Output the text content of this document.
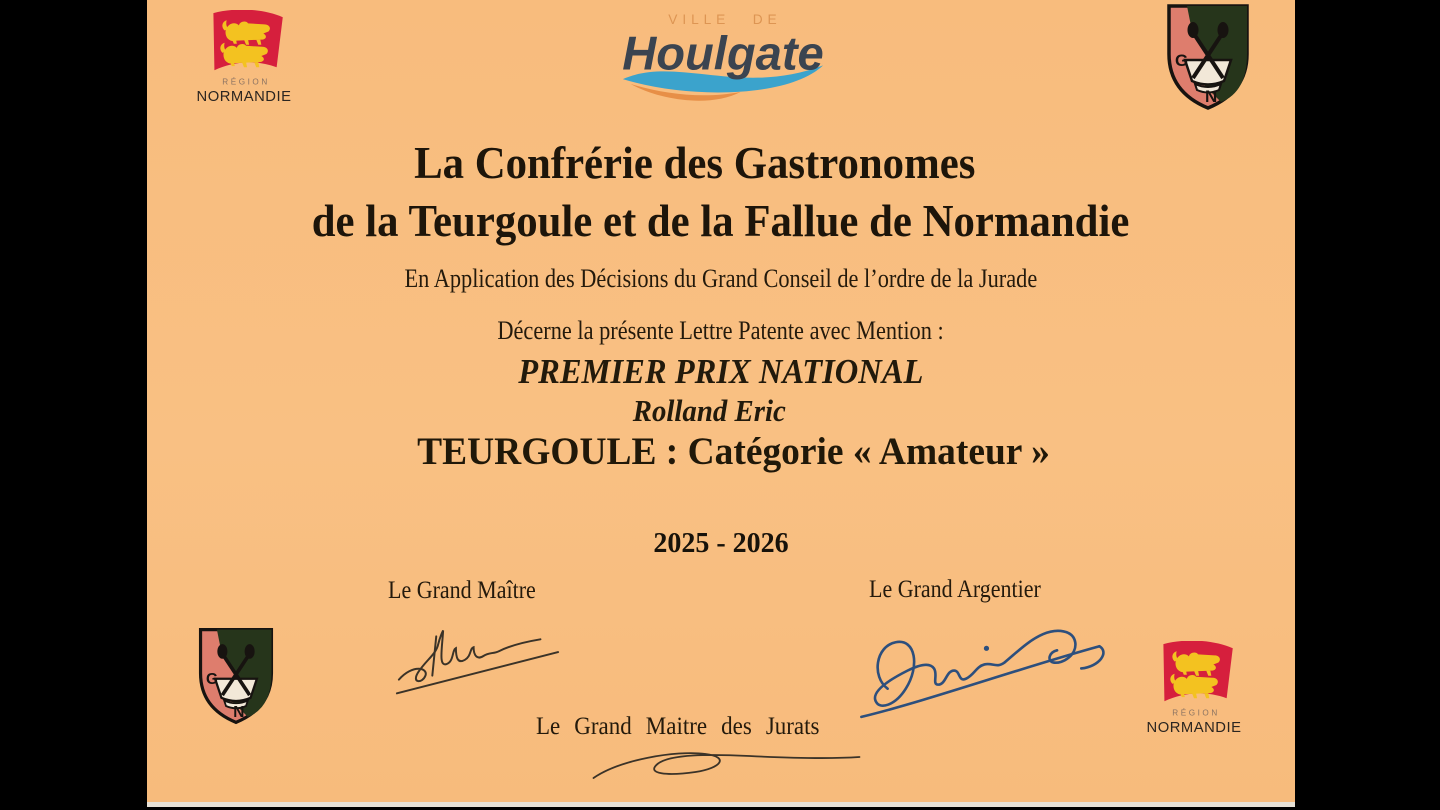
RÉGION
NORMANDIE
VILLE DE
Houlgate	G
N
La Confrérie des Gastronomes
de la Teurgoule et de la Fallue de Normandie
En Application des Décisions du Grand Conseil de l’ordre de la Jurade
Décerne la présente Lettre Patente avec Mention :
PREMIER PRIX NATIONAL
Rolland Eric
TEURGOULE : Catégorie « Amateur »
2025 - 2026
Le Grand Maître	Le Grand Argentier
Le Grand Maitre des Jurats
G
N	RÉGION
NORMANDIE
